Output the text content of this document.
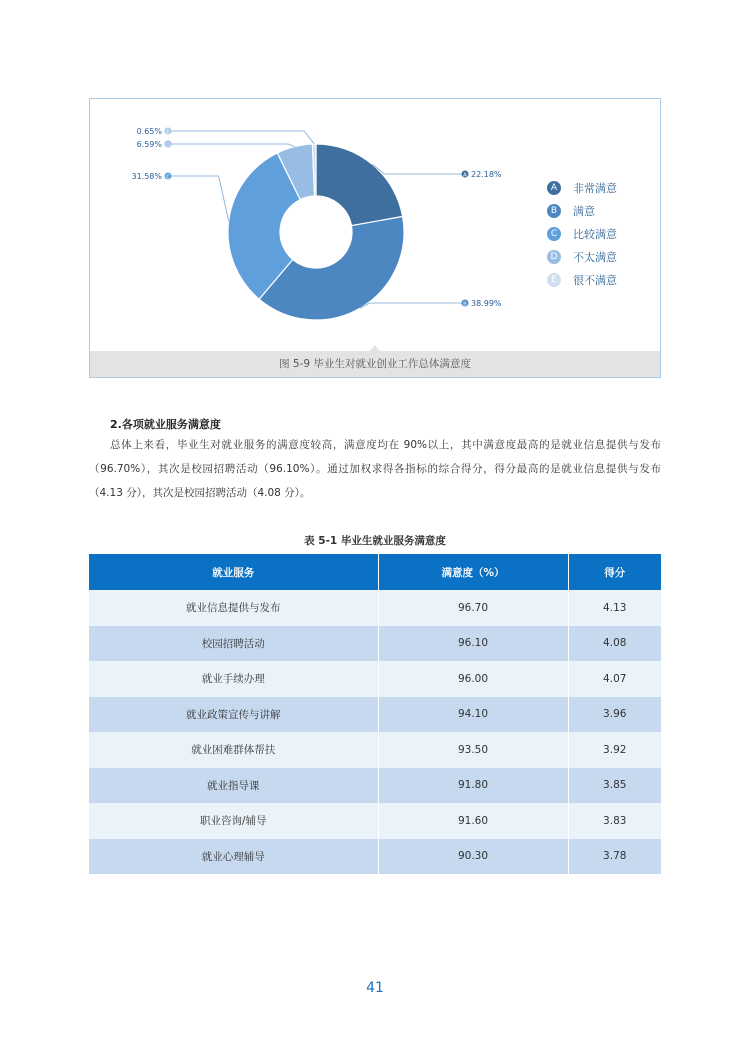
A 22.18%
B 38.99%
C
31.58%
D
6.59%
E
0.65%
A	非常满意
B	满意
C	比较满意
D	不太满意
E	很不满意
图 5-9 毕业生对就业创业工作总体满意度
2.各项就业服务满意度

总体上来看，毕业生对就业服务的满意度较高，满意度均在 90%以上，其中满意度最高的是就业信息提供与发布（96.70%），其次是校园招聘活动（96.10%）。通过加权求得各指标的综合得分，得分最高的是就业信息提供与发布（4.13 分），其次是校园招聘活动（4.08 分）。

表 5-1 毕业生就业服务满意度
就业服务	满意度（%）	得分
就业信息提供与发布	96.70	4.13
校园招聘活动	96.10	4.08
就业手续办理	96.00	4.07
就业政策宣传与讲解	94.10	3.96
就业困难群体帮扶	93.50	3.92
就业指导课	91.80	3.85
职业咨询/辅导	91.60	3.83
就业心理辅导	90.30	3.78
41
